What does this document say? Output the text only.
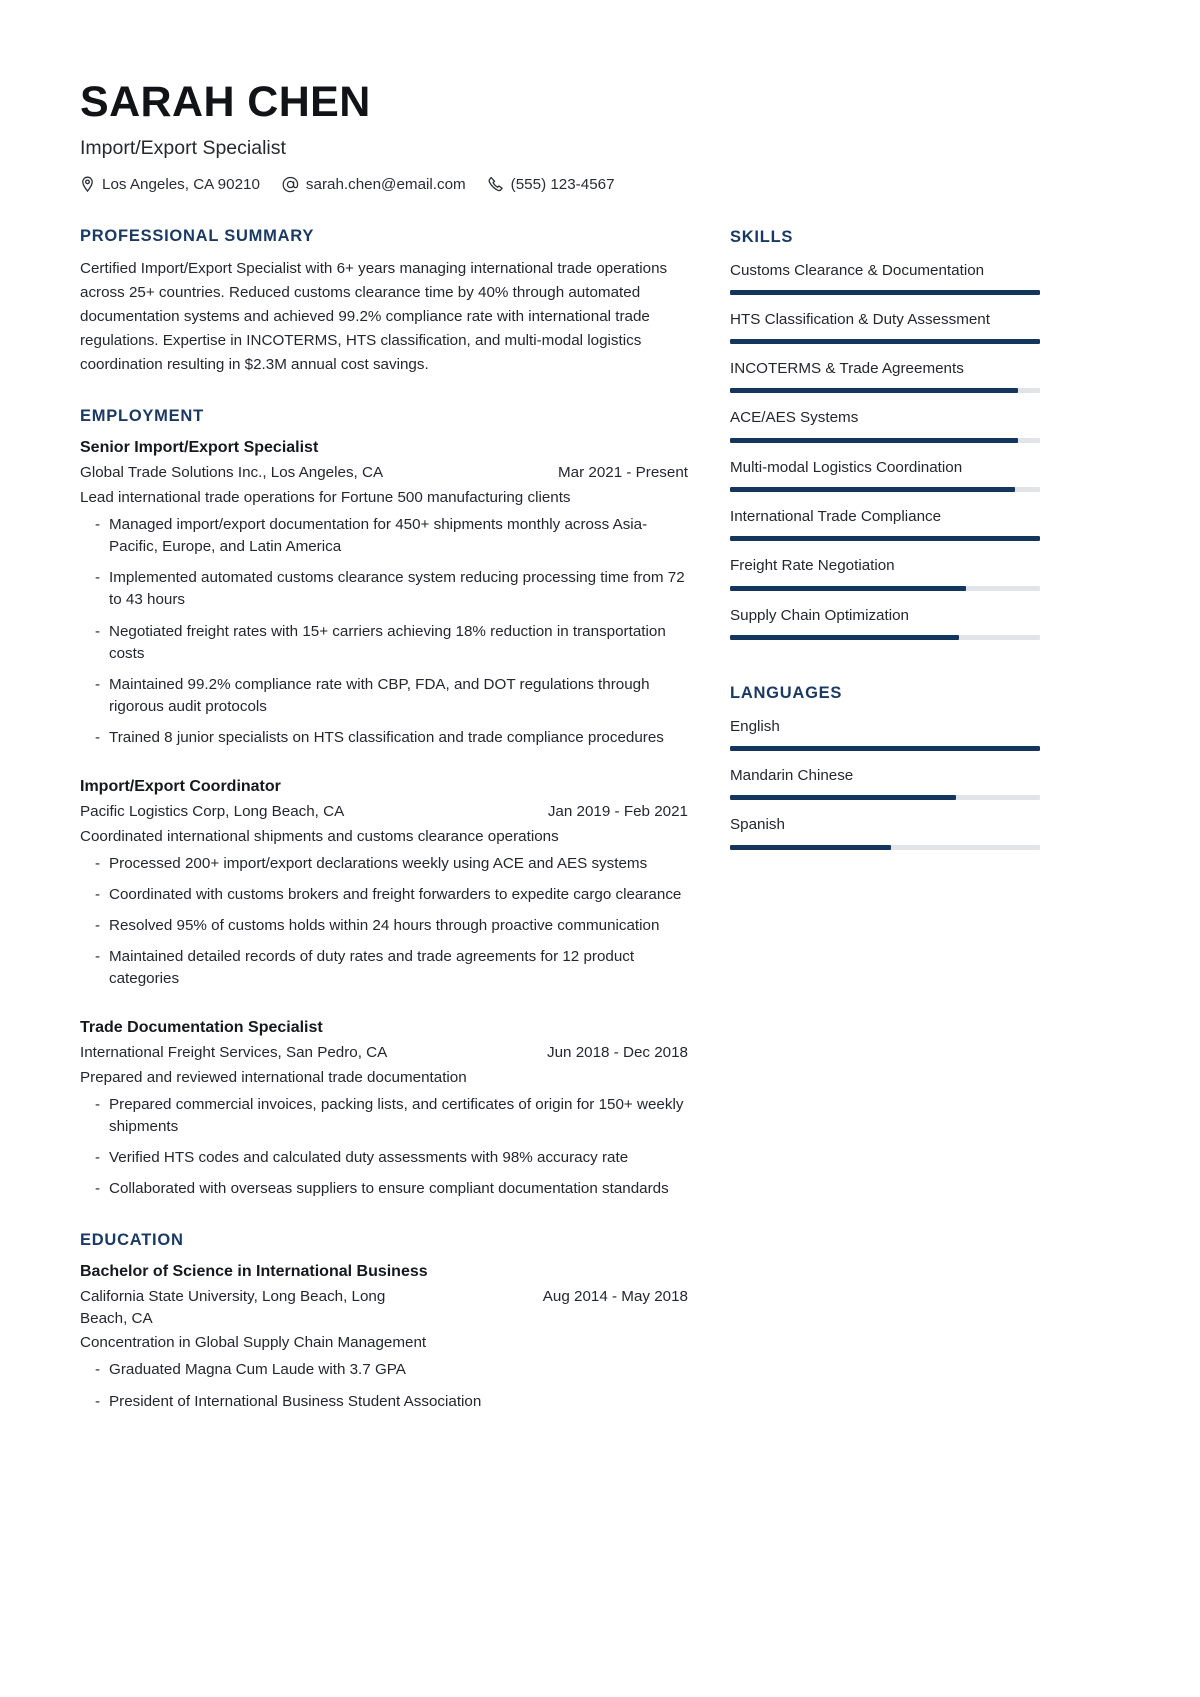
SARAH CHEN
Import/Export Specialist
Los Angeles, CA 90210	sarah.chen@email.com	(555) 123-4567
PROFESSIONAL SUMMARY
Certified Import/Export Specialist with 6+ years managing international trade operations across 25+ countries. Reduced customs clearance time by 40% through automated documentation systems and achieved 99.2% compliance rate with international trade regulations. Expertise in INCOTERMS, HTS classification, and multi-modal logistics coordination resulting in $2.3M annual cost savings.
EMPLOYMENT
Senior Import/Export Specialist
Global Trade Solutions Inc., Los Angeles, CA	Mar 2021 - Present
Lead international trade operations for Fortune 500 manufacturing clients
- Managed import/export documentation for 450+ shipments monthly across Asia-Pacific, Europe, and Latin America
- Implemented automated customs clearance system reducing processing time from 72 to 43 hours
- Negotiated freight rates with 15+ carriers achieving 18% reduction in transportation costs
- Maintained 99.2% compliance rate with CBP, FDA, and DOT regulations through rigorous audit protocols
- Trained 8 junior specialists on HTS classification and trade compliance procedures
Import/Export Coordinator
Pacific Logistics Corp, Long Beach, CA	Jan 2019 - Feb 2021
Coordinated international shipments and customs clearance operations
- Processed 200+ import/export declarations weekly using ACE and AES systems
- Coordinated with customs brokers and freight forwarders to expedite cargo clearance
- Resolved 95% of customs holds within 24 hours through proactive communication
- Maintained detailed records of duty rates and trade agreements for 12 product categories
Trade Documentation Specialist
International Freight Services, San Pedro, CA	Jun 2018 - Dec 2018
Prepared and reviewed international trade documentation
- Prepared commercial invoices, packing lists, and certificates of origin for 150+ weekly shipments
- Verified HTS codes and calculated duty assessments with 98% accuracy rate
- Collaborated with overseas suppliers to ensure compliant documentation standards
EDUCATION
Bachelor of Science in International Business
California State University, Long Beach, Long Beach, CA
Aug 2014 - May 2018
Concentration in Global Supply Chain Management
- Graduated Magna Cum Laude with 3.7 GPA
- President of International Business Student Association
SKILLS
Customs Clearance & Documentation
HTS Classification & Duty Assessment
INCOTERMS & Trade Agreements
ACE/AES Systems
Multi-modal Logistics Coordination
International Trade Compliance
Freight Rate Negotiation
Supply Chain Optimization
LANGUAGES
English
Mandarin Chinese
Spanish
